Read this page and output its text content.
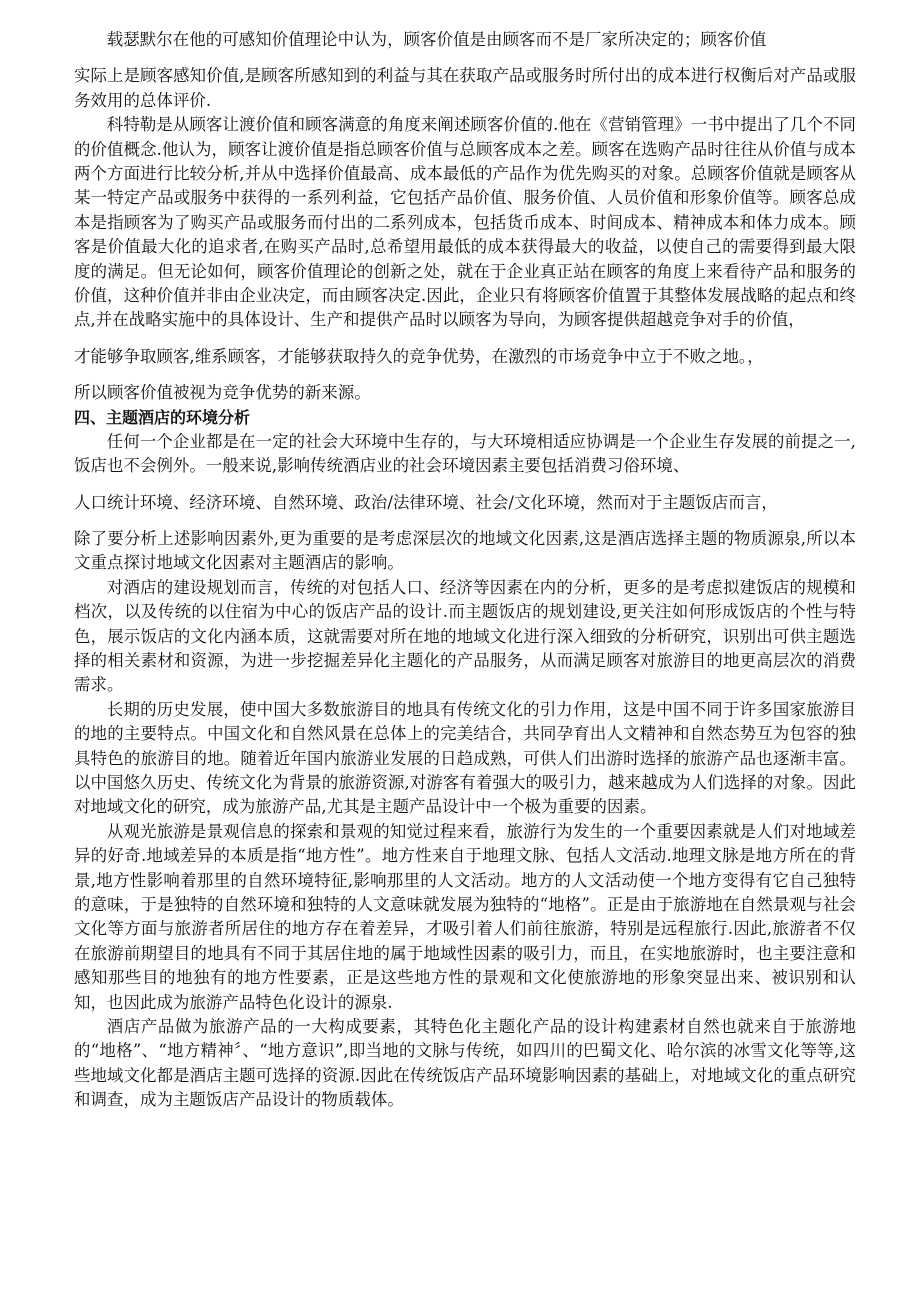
载瑟默尔在他的可感知价值理论中认为，顾客价值是由顾客而不是厂家所决定的；顾客价值

实际上是顾客感知价值,是顾客所感知到的利益与其在获取产品或服务时所付出的成本进行权衡后对产品或服务效用的总体评价.

科特勒是从顾客让渡价值和顾客满意的角度来阐述顾客价值的.他在《营销管理》一书中提出了几个不同的价值概念.他认为，顾客让渡价值是指总顾客价值与总顾客成本之差。顾客在选购产品时往往从价值与成本两个方面进行比较分析,并从中选择价值最高、成本最低的产品作为优先购买的对象。总顾客价值就是顾客从某一特定产品或服务中获得的一系列利益，它包括产品价值、服务价值、人员价值和形象价值等。顾客总成本是指顾客为了购买产品或服务而付出的二系列成本，包括货币成本、时间成本、精神成本和体力成本。顾客是价值最大化的追求者,在购买产品时,总希望用最低的成本获得最大的收益，以使自己的需要得到最大限度的满足。但无论如何，顾客价值理论的创新之处，就在于企业真正站在顾客的角度上来看待产品和服务的价值，这种价值并非由企业决定，而由顾客决定.因此，企业只有将顾客价值置于其整体发展战略的起点和终点,并在战略实施中的具体设计、生产和提供产品时以顾客为导向，为顾客提供超越竞争对手的价值，

才能够争取顾客,维系顾客，才能够获取持久的竞争优势，在激烈的市场竞争中立于不败之地。，

所以顾客价值被视为竞争优势的新来源。

四、主题酒店的环境分析

任何一个企业都是在一定的社会大环境中生存的，与大环境相适应协调是一个企业生存发展的前提之一,饭店也不会例外。一般来说,影响传统酒店业的社会环境因素主要包括消费习俗环境、

人口统计环境、经济环境、自然环境、政治/法律环境、社会/文化环境，然而对于主题饭店而言，

除了要分析上述影响因素外,更为重要的是考虑深层次的地域文化因素,这是酒店选择主题的物质源泉,所以本文重点探讨地域文化因素对主题酒店的影响。

对酒店的建设规划而言，传统的对包括人口、经济等因素在内的分析，更多的是考虑拟建饭店的规模和档次，以及传统的以住宿为中心的饭店产品的设计.而主题饭店的规划建设,更关注如何形成饭店的个性与特色，展示饭店的文化内涵本质，这就需要对所在地的地域文化进行深入细致的分析研究，识别出可供主题选择的相关素材和资源，为进一步挖掘差异化主题化的产品服务，从而满足顾客对旅游目的地更高层次的消费需求。

长期的历史发展，使中国大多数旅游目的地具有传统文化的引力作用，这是中国不同于许多国家旅游目的地的主要特点。中国文化和自然风景在总体上的完美结合，共同孕育出人文精神和自然态势互为包容的独具特色的旅游目的地。随着近年国内旅游业发展的日趋成熟，可供人们出游时选择的旅游产品也逐渐丰富。以中国悠久历史、传统文化为背景的旅游资源,对游客有着强大的吸引力，越来越成为人们选择的对象。因此对地域文化的研究，成为旅游产品,尤其是主题产品设计中一个极为重要的因素。

从观光旅游是景观信息的探索和景观的知觉过程来看，旅游行为发生的一个重要因素就是人们对地域差异的好奇.地域差异的本质是指“地方性”。地方性来自于地理文脉、包括人文活动.地理文脉是地方所在的背景,地方性影响着那里的自然环境特征,影响那里的人文活动。地方的人文活动使一个地方变得有它自己独特的意味，于是独特的自然环境和独特的人文意味就发展为独特的“地格”。正是由于旅游地在自然景观与社会文化等方面与旅游者所居住的地方存在着差异，才吸引着人们前往旅游，特别是远程旅行.因此,旅游者不仅在旅游前期望目的地具有不同于其居住地的属于地域性因素的吸引力，而且，在实地旅游时，也主要注意和感知那些目的地独有的地方性要素，正是这些地方性的景观和文化使旅游地的形象突显出来、被识别和认知，也因此成为旅游产品特色化设计的源泉.

酒店产品做为旅游产品的一大构成要素，其特色化主题化产品的设计构建素材自然也就来自于旅游地的“地格”、“地方精神〞、“地方意识”,即当地的文脉与传统，如四川的巴蜀文化、哈尔滨的冰雪文化等等,这些地域文化都是酒店主题可选择的资源.因此在传统饭店产品环境影响因素的基础上，对地域文化的重点研究和调查，成为主题饭店产品设计的物质载体。
